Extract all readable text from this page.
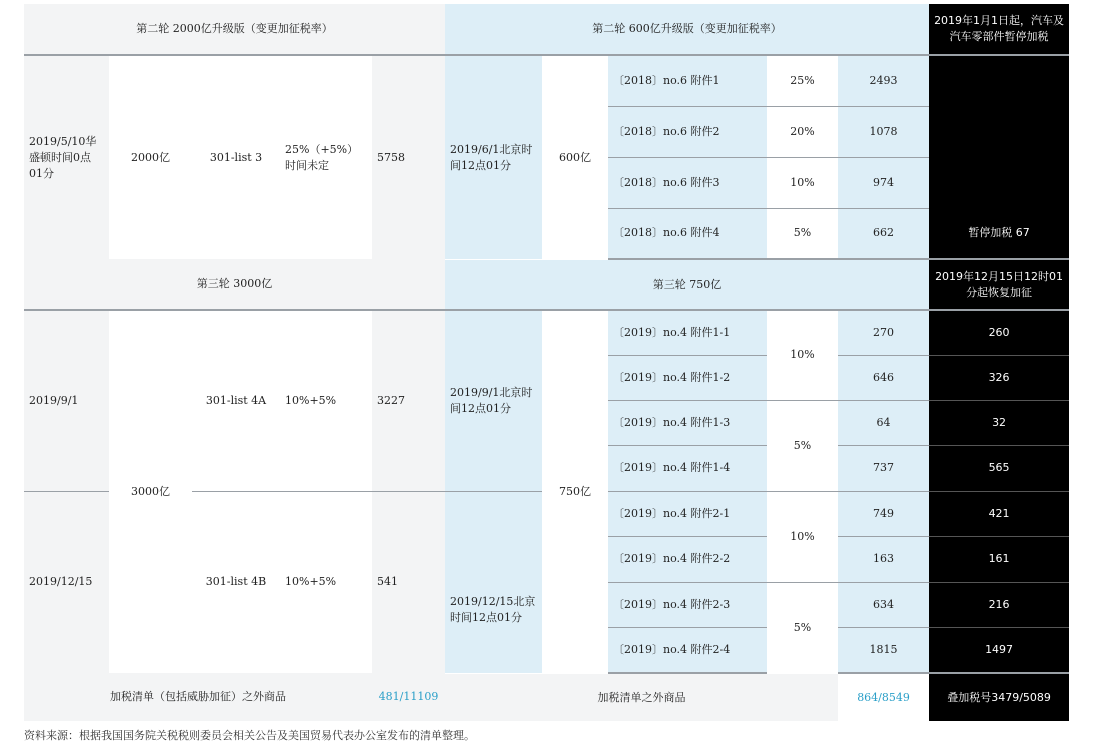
第二轮 2000亿升级版（变更加征税率）					第二轮 600亿升级版（变更加征税率）					2019年1月1日起，汽车及汽车零部件暂停加税
2019/5/10华盛顿时间0点01分	2000亿	301-list 3	25%（+5%）时间未定	5758	2019/6/1北京时间12点01分	600亿	〔2018〕no.6 附件1	25%	2493	
							〔2018〕no.6 附件2	20%	1078	
							〔2018〕no.6 附件3	10%	974	
							〔2018〕no.6 附件4	5%	662	暂停加税 67
第三轮 3000亿					第三轮 750亿					2019年12月15日12时01分起恢复加征
2019/9/1	3000亿	301-list 4A	10%+5%	3227	2019/9/1北京时间12点01分	750亿	〔2019〕no.4 附件1-1	10%	270	260
							〔2019〕no.4 附件1-2		646	326
							〔2019〕no.4 附件1-3	5%	64	32
							〔2019〕no.4 附件1-4		737	565
2019/12/15		301-list 4B	10%+5%	541	2019/12/15北京时间12点01分		〔2019〕no.4 附件2-1	10%	749	421
							〔2019〕no.4 附件2-2		163	161
							〔2019〕no.4 附件2-3	5%	634	216
							〔2019〕no.4 附件2-4		1815	1497
加税清单（包括威胁加征）之外商品				481/11109	加税清单之外商品				864/8549	叠加税号3479/5089
资料来源：根据我国国务院关税税则委员会相关公告及美国贸易代表办公室发布的清单整理。
